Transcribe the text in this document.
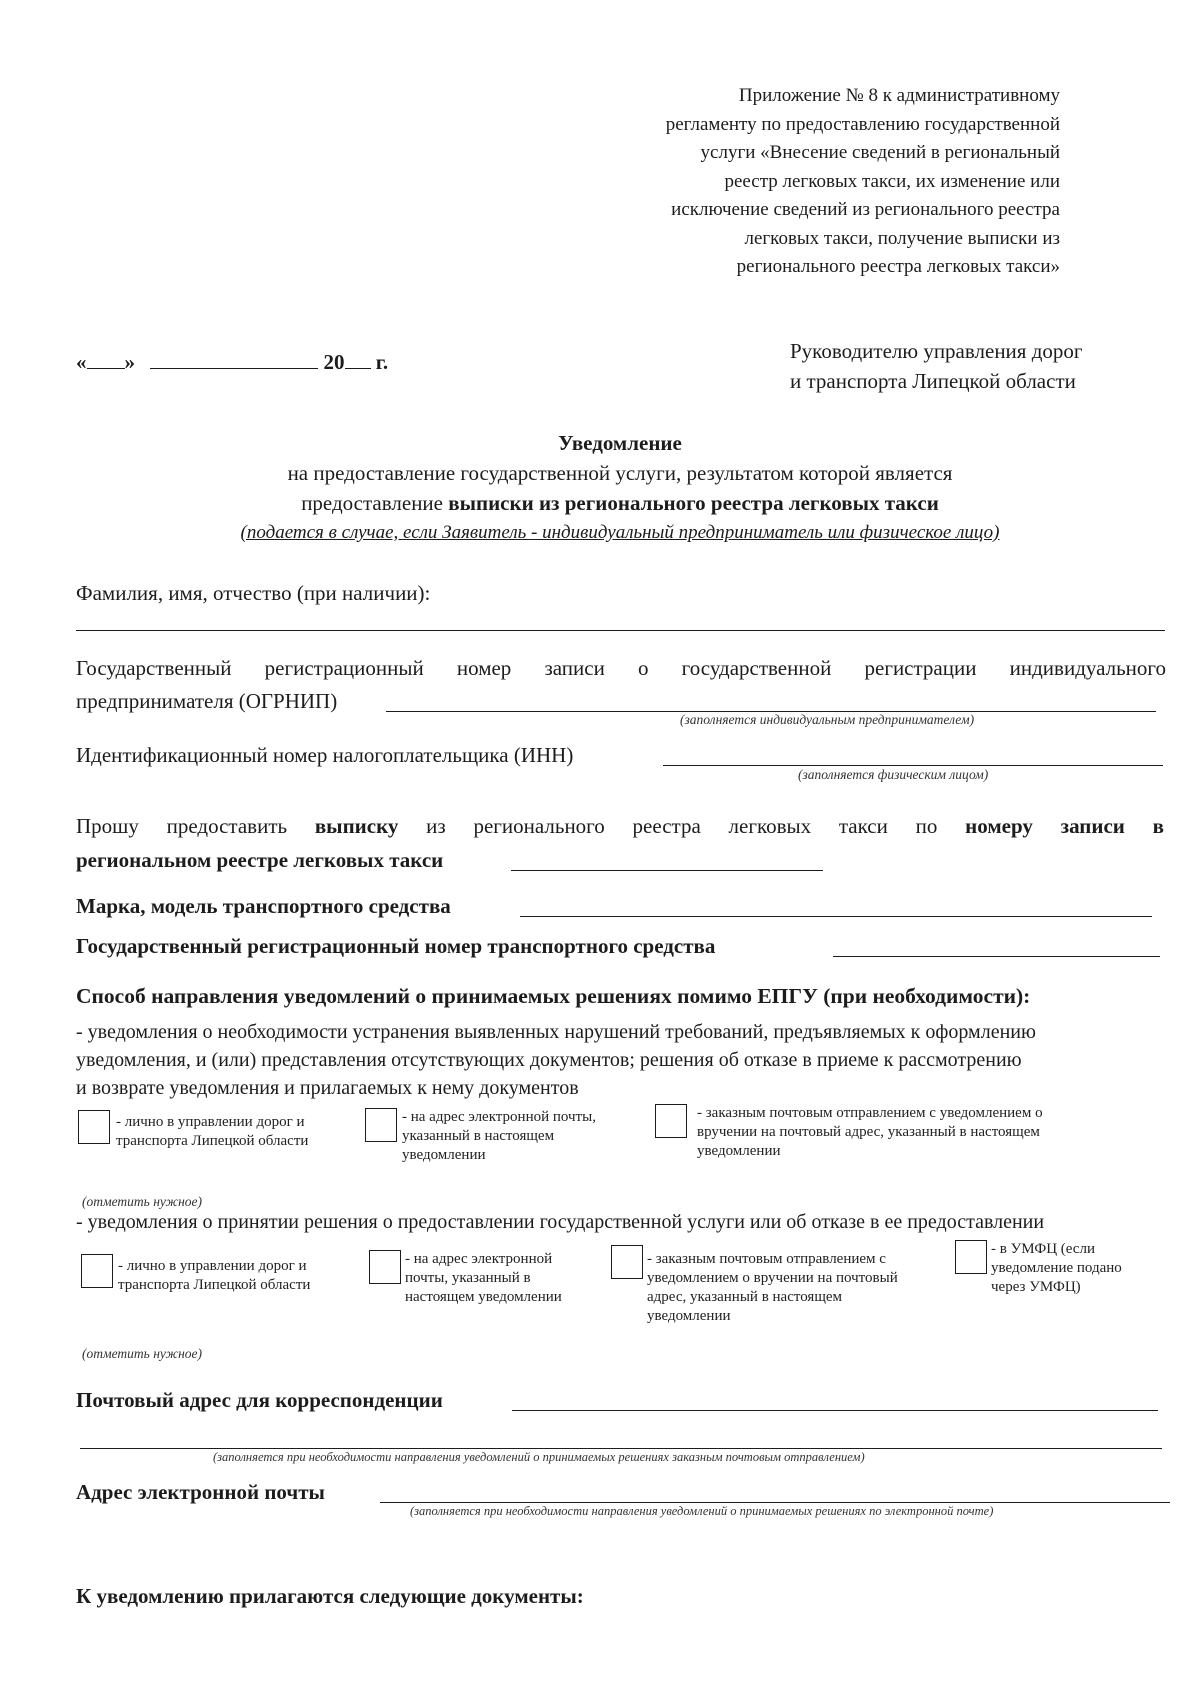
Приложение № 8 к административному
регламенту по предоставлению государственной
услуги «Внесение сведений в региональный
реестр легковых такси, их изменение или
исключение сведений из регионального реестра
легковых такси, получение выписки из
регионального реестра легковых такси»
« »	20 г.	Руководителю управления дорог
и транспорта Липецкой области
Уведомление
на предоставление государственной услуги, результатом которой является
предоставление выписки из регионального реестра легковых такси
(подается в случае, если Заявитель - индивидуальный предприниматель или физическое лицо)
Фамилия, имя, отчество (при наличии):
Государственный регистрационный номер записи о государственной регистрации индивидуального
предпринимателя (ОГРНИП)
(заполняется индивидуальным предпринимателем)
Идентификационный номер налогоплательщика (ИНН)
(заполняется физическим лицом)
Прошу предоставить выписку из регионального реестра легковых такси по номеру записи в
региональном реестре легковых такси
Марка, модель транспортного средства
Государственный регистрационный номер транспортного средства
Способ направления уведомлений о принимаемых решениях помимо ЕПГУ (при необходимости):
- уведомления о необходимости устранения выявленных нарушений требований, предъявляемых к оформлению
уведомления, и (или) представления отсутствующих документов; решения об отказе в приеме к рассмотрению
и возврате уведомления и прилагаемых к нему документов
- лично в управлении дорог и
транспорта Липецкой области
- на адрес электронной почты,
указанный в настоящем
уведомлении
- заказным почтовым отправлением с уведомлением о
вручении на почтовый адрес, указанный в настоящем
уведомлении
(отметить нужное)
- уведомления о принятии решения о предоставлении государственной услуги или об отказе в ее предоставлении
- лично в управлении дорог и
транспорта Липецкой области
- на адрес электронной
почты, указанный в
настоящем уведомлении
- заказным почтовым отправлением с
уведомлением о вручении на почтовый
адрес, указанный в настоящем
уведомлении
- в УМФЦ (если
уведомление подано
через УМФЦ)
(отметить нужное)
Почтовый адрес для корреспонденции
(заполняется при необходимости направления уведомлений о принимаемых решениях заказным почтовым отправлением)
Адрес электронной почты
(заполняется при необходимости направления уведомлений о принимаемых решениях по электронной почте)
К уведомлению прилагаются следующие документы:
